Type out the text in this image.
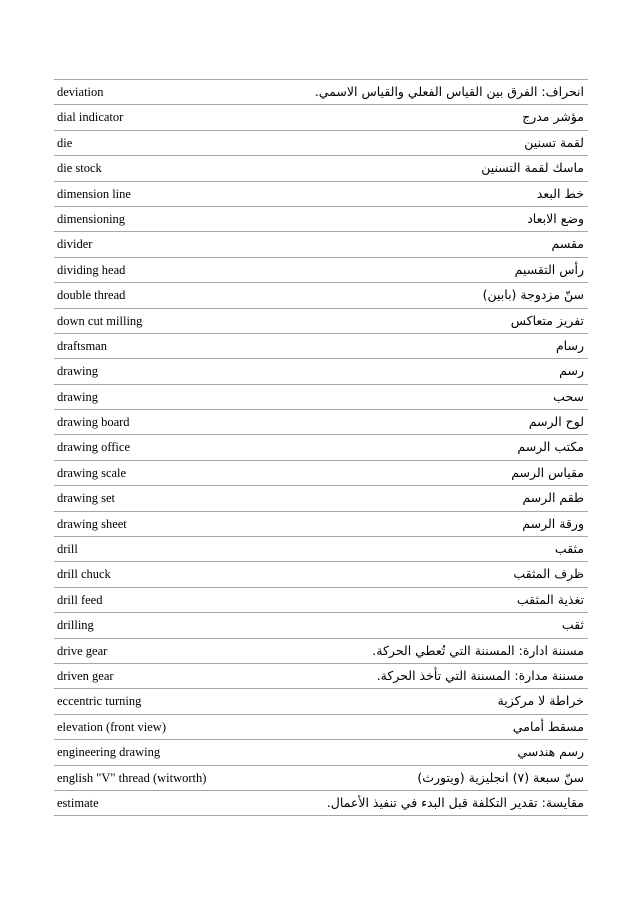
deviation	انحراف: الفرق بين القياس الفعلي والقياس الاسمي.
dial indicator	مؤشر مدرج
die	لقمة تسنين
die stock	ماسك لقمة التسنين
dimension line	خط البعد
dimensioning	وضع الابعاد
divider	مقسم
dividing head	رأس التقسيم
double thread	سنّ مزدوجة (بابين)
down cut milling	تفريز متعاكس
draftsman	رسام
drawing	رسم
drawing	سحب
drawing board	لوح الرسم
drawing office	مكتب الرسم
drawing scale	مقياس الرسم
drawing set	طقم الرسم
drawing sheet	ورقة الرسم
drill	مثقب
drill chuck	ظرف المثقب
drill feed	تغذية المثقب
drilling	ثقب
drive gear	مسننة ادارة: المسننة التي تُعطي الحركة.
driven gear	مسننة مدارة: المسننة التي تأخذ الحركة.
eccentric turning	خراطة لا مركزية
elevation (front view)	مسقط أمامي
engineering drawing	رسم هندسي
english "V" thread (witworth)	سنّ سبعة (٧) انجليزية (ويتورث)
estimate	مقايسة: تقدير التكلفة قبل البدء في تنفيذ الأعمال.
